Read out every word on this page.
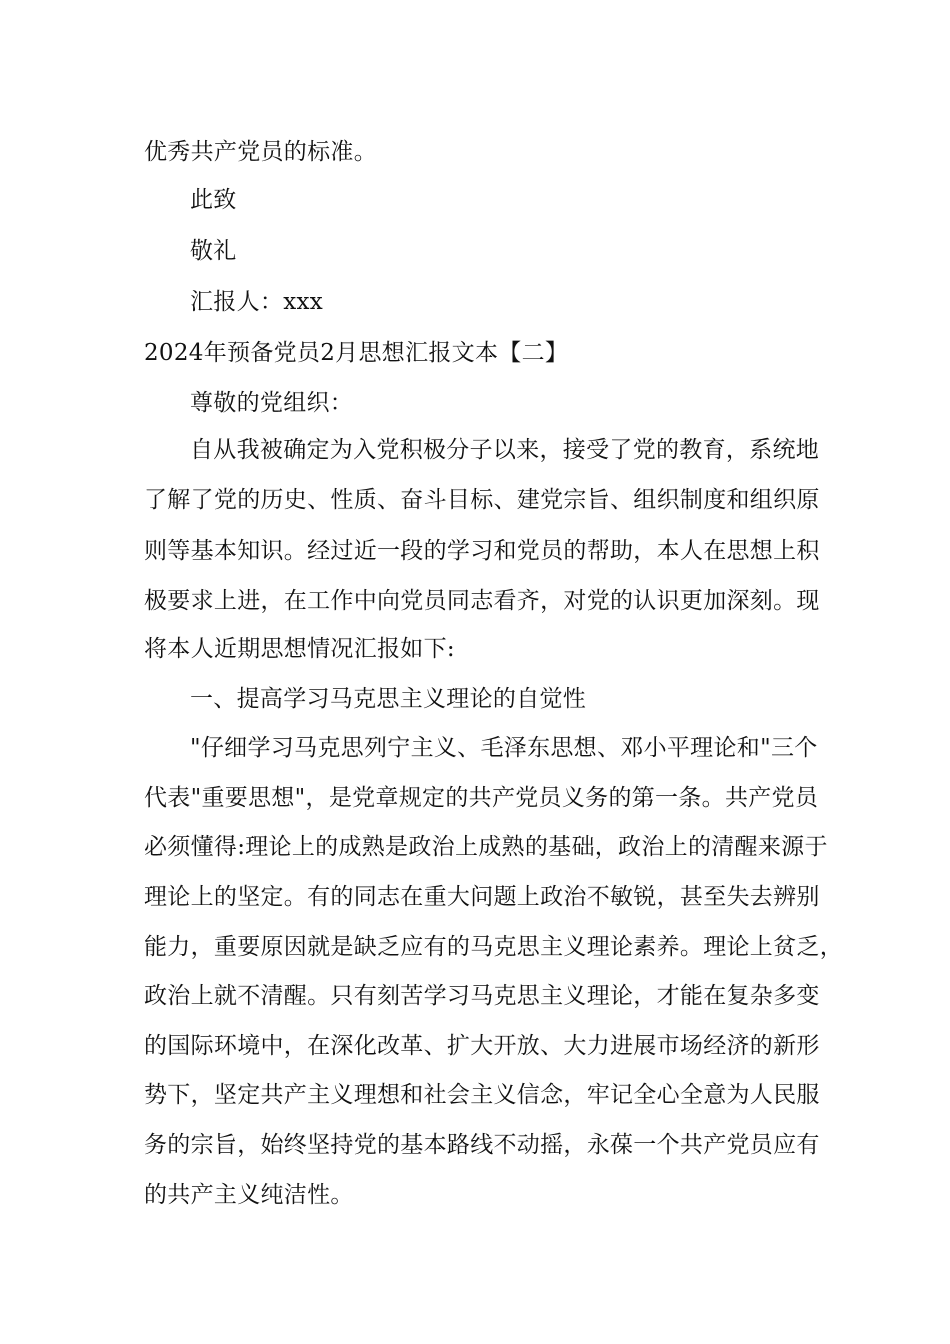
优秀共产党员的标准。
此致
敬礼
汇报人：xxx
2024年预备党员2月思想汇报文本【二】
尊敬的党组织：
自从我被确定为入党积极分子以来，接受了党的教育，系统地
了解了党的历史、性质、奋斗目标、建党宗旨、组织制度和组织原
则等基本知识。经过近一段的学习和党员的帮助，本人在思想上积
极要求上进，在工作中向党员同志看齐，对党的认识更加深刻。现
将本人近期思想情况汇报如下:
一、提高学习马克思主义理论的自觉性
"仔细学习马克思列宁主义、毛泽东思想、邓小平理论和"三个
代表"重要思想"，是党章规定的共产党员义务的第一条。共产党员
必须懂得:理论上的成熟是政治上成熟的基础，政治上的清醒来源于
理论上的坚定。有的同志在重大问题上政治不敏锐，甚至失去辨别
能力，重要原因就是缺乏应有的马克思主义理论素养。理论上贫乏，
政治上就不清醒。只有刻苦学习马克思主义理论，才能在复杂多变
的国际环境中，在深化改革、扩大开放、大力进展市场经济的新形
势下，坚定共产主义理想和社会主义信念，牢记全心全意为人民服
务的宗旨，始终坚持党的基本路线不动摇，永葆一个共产党员应有
的共产主义纯洁性。
